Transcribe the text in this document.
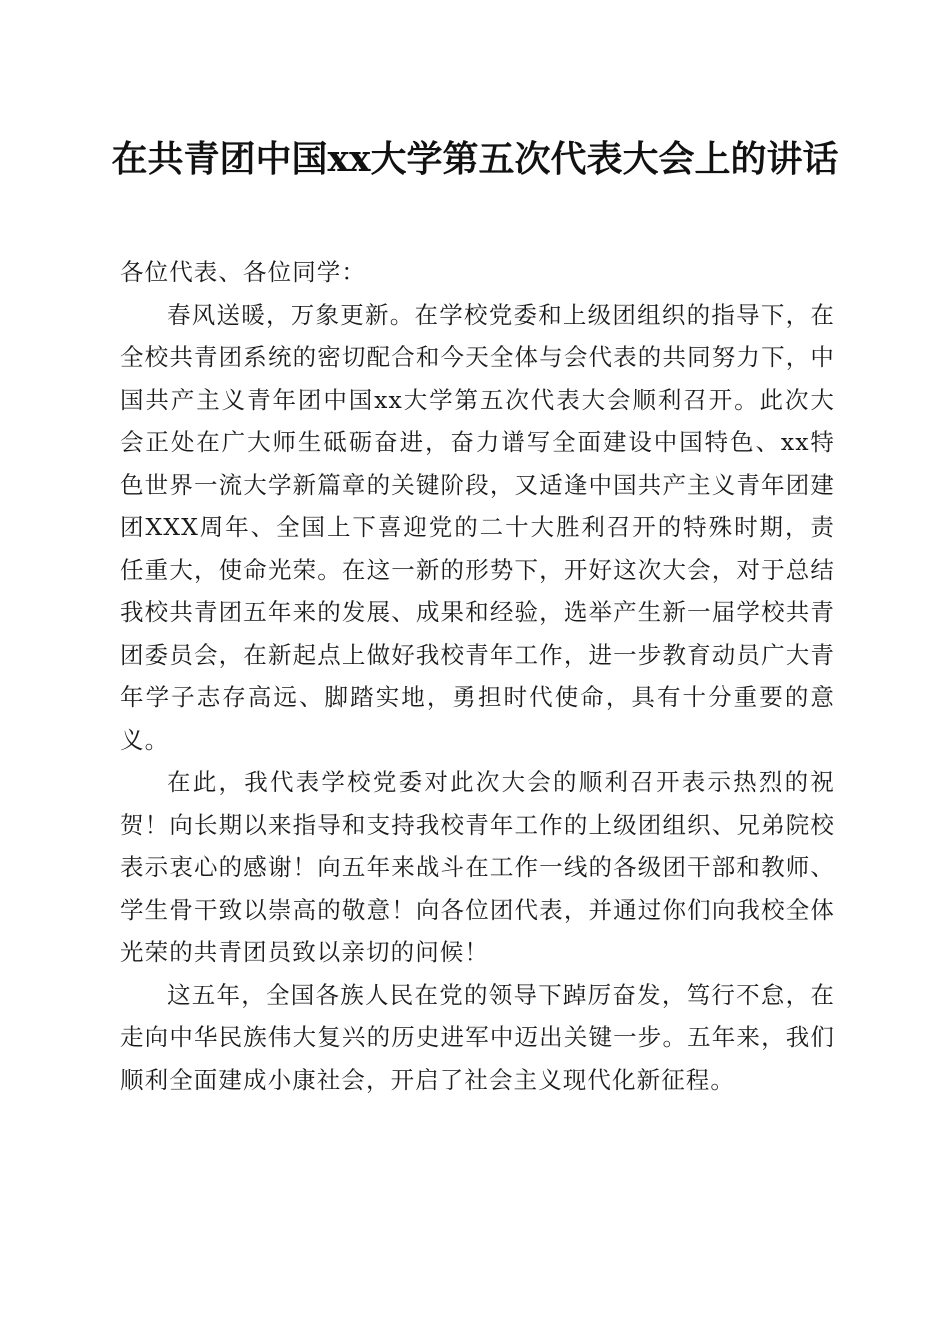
在共青团中国xx大学第五次代表大会上的讲话

各位代表、各位同学：

春风送暖，万象更新。在学校党委和上级团组织的指导下，在全校共青团系统的密切配合和今天全体与会代表的共同努力下，中国共产主义青年团中国xx大学第五次代表大会顺利召开。此次大会正处在广大师生砥砺奋进，奋力谱写全面建设中国特色、xx特色世界一流大学新篇章的关键阶段，又适逢中国共产主义青年团建团XXX周年、全国上下喜迎党的二十大胜利召开的特殊时期，责任重大，使命光荣。在这一新的形势下，开好这次大会，对于总结我校共青团五年来的发展、成果和经验，选举产生新一届学校共青团委员会，在新起点上做好我校青年工作，进一步教育动员广大青年学子志存高远、脚踏实地，勇担时代使命，具有十分重要的意义。

在此，我代表学校党委对此次大会的顺利召开表示热烈的祝贺！向长期以来指导和支持我校青年工作的上级团组织、兄弟院校表示衷心的感谢！向五年来战斗在工作一线的各级团干部和教师、学生骨干致以崇高的敬意！向各位团代表，并通过你们向我校全体光荣的共青团员致以亲切的问候！

这五年，全国各族人民在党的领导下踔厉奋发，笃行不怠，在走向中华民族伟大复兴的历史进军中迈出关键一步。五年来，我们顺利全面建成小康社会，开启了社会主义现代化新征程。
